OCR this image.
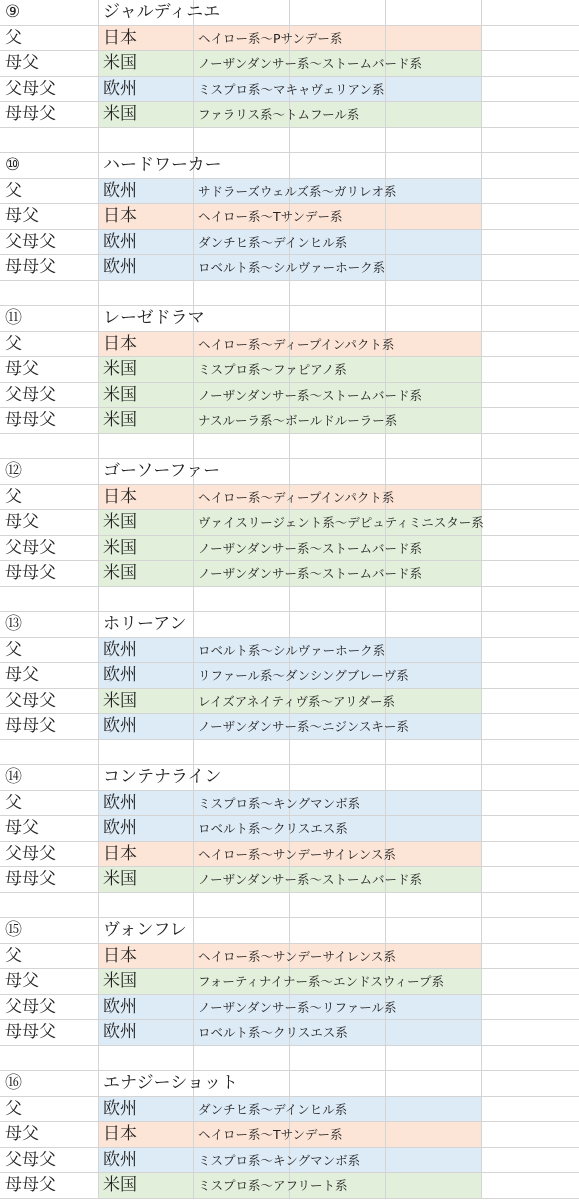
⑨	ジャルディニエ
父	日本	ヘイロー系〜Pサンデー系
母父	米国	ノーザンダンサー系〜ストームバード系
父母父	欧州	ミスプロ系〜マキャヴェリアン系
母母父	米国	ファラリス系〜トムフール系
⑩	ハードワーカー
父	欧州	サドラーズウェルズ系〜ガリレオ系
母父	日本	ヘイロー系〜Tサンデー系
父母父	欧州	ダンチヒ系〜デインヒル系
母母父	欧州	ロベルト系〜シルヴァーホーク系
⑪	レーゼドラマ
父	日本	ヘイロー系〜ディープインパクト系
母父	米国	ミスプロ系〜ファピアノ系
父母父	米国	ノーザンダンサー系〜ストームバード系
母母父	米国	ナスルーラ系〜ボールドルーラー系
⑫	ゴーソーファー
父	日本	ヘイロー系〜ディープインパクト系
母父	米国	ヴァイスリージェント系〜デピュティミニスター系
父母父	米国	ノーザンダンサー系〜ストームバード系
母母父	米国	ノーザンダンサー系〜ストームバード系
⑬	ホリーアン
父	欧州	ロベルト系〜シルヴァーホーク系
母父	欧州	リファール系〜ダンシングブレーヴ系
父母父	米国	レイズアネイティヴ系〜アリダー系
母母父	欧州	ノーザンダンサー系〜ニジンスキー系
⑭	コンテナライン
父	欧州	ミスプロ系〜キングマンボ系
母父	欧州	ロベルト系〜クリスエス系
父母父	日本	ヘイロー系〜サンデーサイレンス系
母母父	米国	ノーザンダンサー系〜ストームバード系
⑮	ヴォンフレ
父	日本	ヘイロー系〜サンデーサイレンス系
母父	米国	フォーティナイナー系〜エンドスウィープ系
父母父	欧州	ノーザンダンサー系〜リファール系
母母父	欧州	ロベルト系〜クリスエス系
⑯	エナジーショット
父	欧州	ダンチヒ系〜デインヒル系
母父	日本	ヘイロー系〜Tサンデー系
父母父	欧州	ミスプロ系〜キングマンボ系
母母父	米国	ミスプロ系〜アフリート系
